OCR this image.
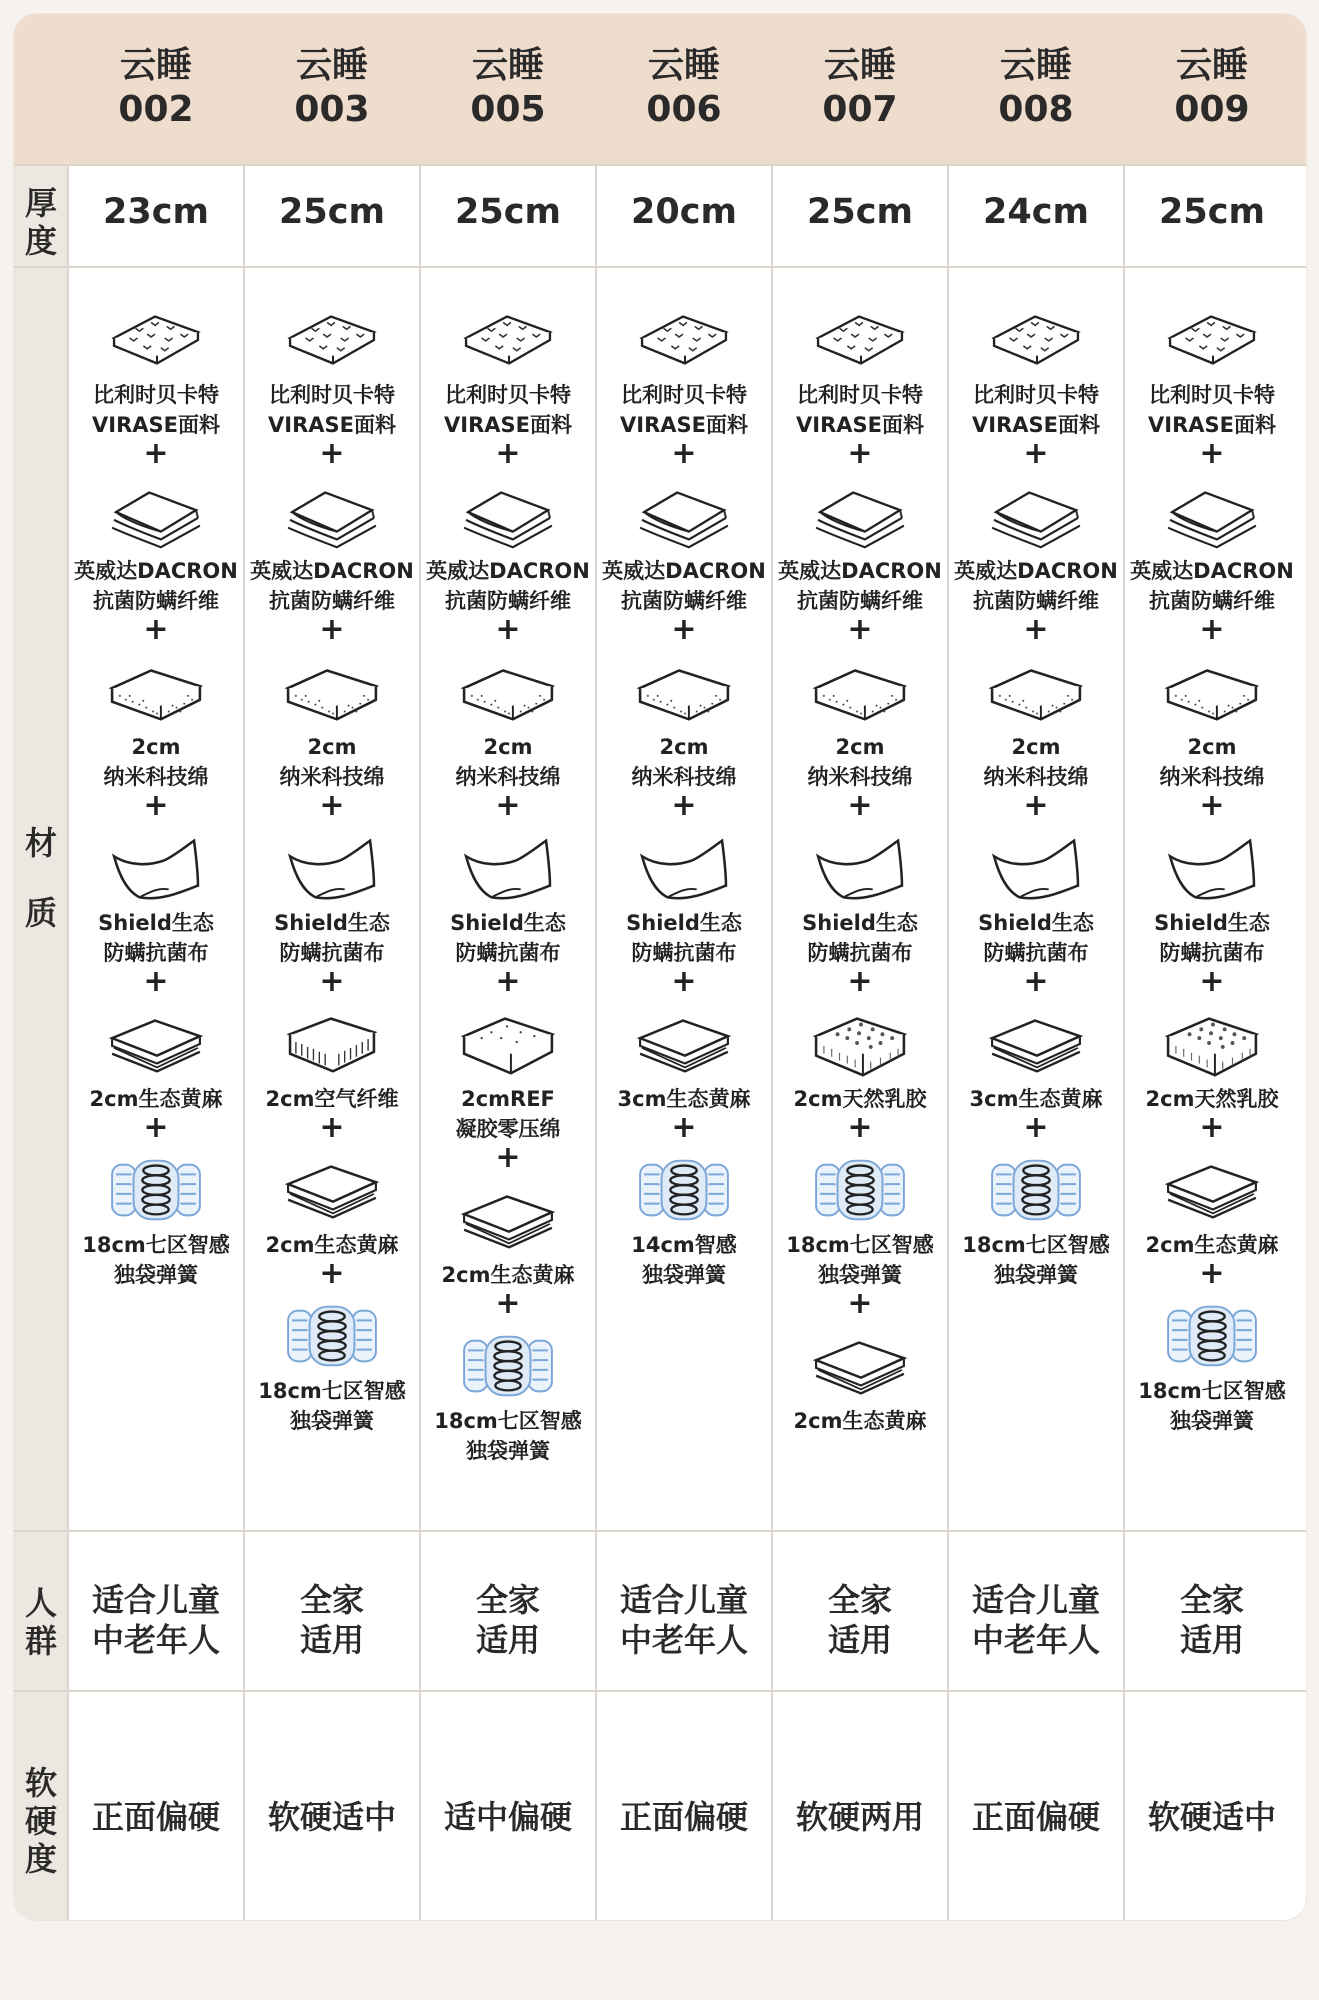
云睡
002
23cm
比利时贝卡特
VIRASE面料
+
英威达DACRON
抗菌防螨纤维
+
2cm
纳米科技绵
+
Shield生态
防螨抗菌布
+
2cm生态黄麻
+
18cm七区智感
独袋弹簧
适合儿童
中老年人
正面偏硬
云睡
003
25cm
比利时贝卡特
VIRASE面料
+
英威达DACRON
抗菌防螨纤维
+
2cm
纳米科技绵
+
Shield生态
防螨抗菌布
+
2cm空气纤维
+
2cm生态黄麻
+
18cm七区智感
独袋弹簧
全家
适用
软硬适中
云睡
005
25cm
比利时贝卡特
VIRASE面料
+
英威达DACRON
抗菌防螨纤维
+
2cm
纳米科技绵
+
Shield生态
防螨抗菌布
+
2cmREF
凝胶零压绵
+
2cm生态黄麻
+
18cm七区智感
独袋弹簧
全家
适用
适中偏硬
云睡
006
20cm
比利时贝卡特
VIRASE面料
+
英威达DACRON
抗菌防螨纤维
+
2cm
纳米科技绵
+
Shield生态
防螨抗菌布
+
3cm生态黄麻
+
14cm智感
独袋弹簧
适合儿童
中老年人
正面偏硬
云睡
007
25cm
比利时贝卡特
VIRASE面料
+
英威达DACRON
抗菌防螨纤维
+
2cm
纳米科技绵
+
Shield生态
防螨抗菌布
+
2cm天然乳胶
+
18cm七区智感
独袋弹簧
+
2cm生态黄麻
全家
适用
软硬两用
云睡
008
24cm
比利时贝卡特
VIRASE面料
+
英威达DACRON
抗菌防螨纤维
+
2cm
纳米科技绵
+
Shield生态
防螨抗菌布
+
3cm生态黄麻
+
18cm七区智感
独袋弹簧
适合儿童
中老年人
正面偏硬
云睡
009
25cm
比利时贝卡特
VIRASE面料
+
英威达DACRON
抗菌防螨纤维
+
2cm
纳米科技绵
+
Shield生态
防螨抗菌布
+
2cm天然乳胶
+
2cm生态黄麻
+
18cm七区智感
独袋弹簧
全家
适用
软硬适中
厚
度
材
质
人
群
软
硬
度
